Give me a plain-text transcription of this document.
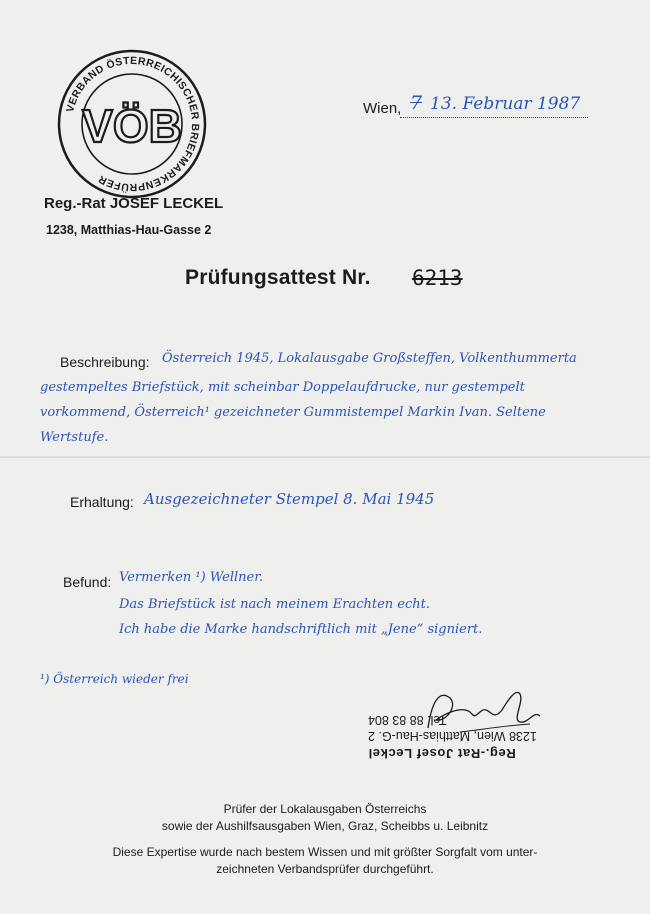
VERBAND ÖSTERREICHISCHER BRIEFMARKENPRÜFER
VÖB
Reg.-Rat JOSEF LECKEL
1238, Matthias-Hau-Gasse 2
Wien, 7 13. Februar 1987
Prüfungsattest Nr. 6213
Beschreibung: Österreich 1945, Lokalausgabe Großsteffen, Volkenthummerta
gestempeltes Briefstück, mit scheinbar Doppelaufdrucke, nur gestempelt
vorkommend, Österreich¹ gezeichneter Gummistempel Markin Ivan. Seltene
Wertstufe.
Erhaltung: Ausgezeichneter Stempel 8. Mai 1945
Befund: Vermerken ¹) Wellner.
Das Briefstück ist nach meinem Erachten echt.
Ich habe die Marke handschriftlich mit „Jene“ signiert.
¹) Österreich wieder frei
Tel. 88 83 804
1238 Wien, Matthias-Hau-G. 2
Reg.-Rat Josef Leckel
Prüfer der Lokalausgaben Österreichs
sowie der Aushilfsausgaben Wien, Graz, Scheibbs u. Leibnitz
Diese Expertise wurde nach bestem Wissen und mit größter Sorgfalt vom unter-
zeichneten Verbandsprüfer durchgeführt.
